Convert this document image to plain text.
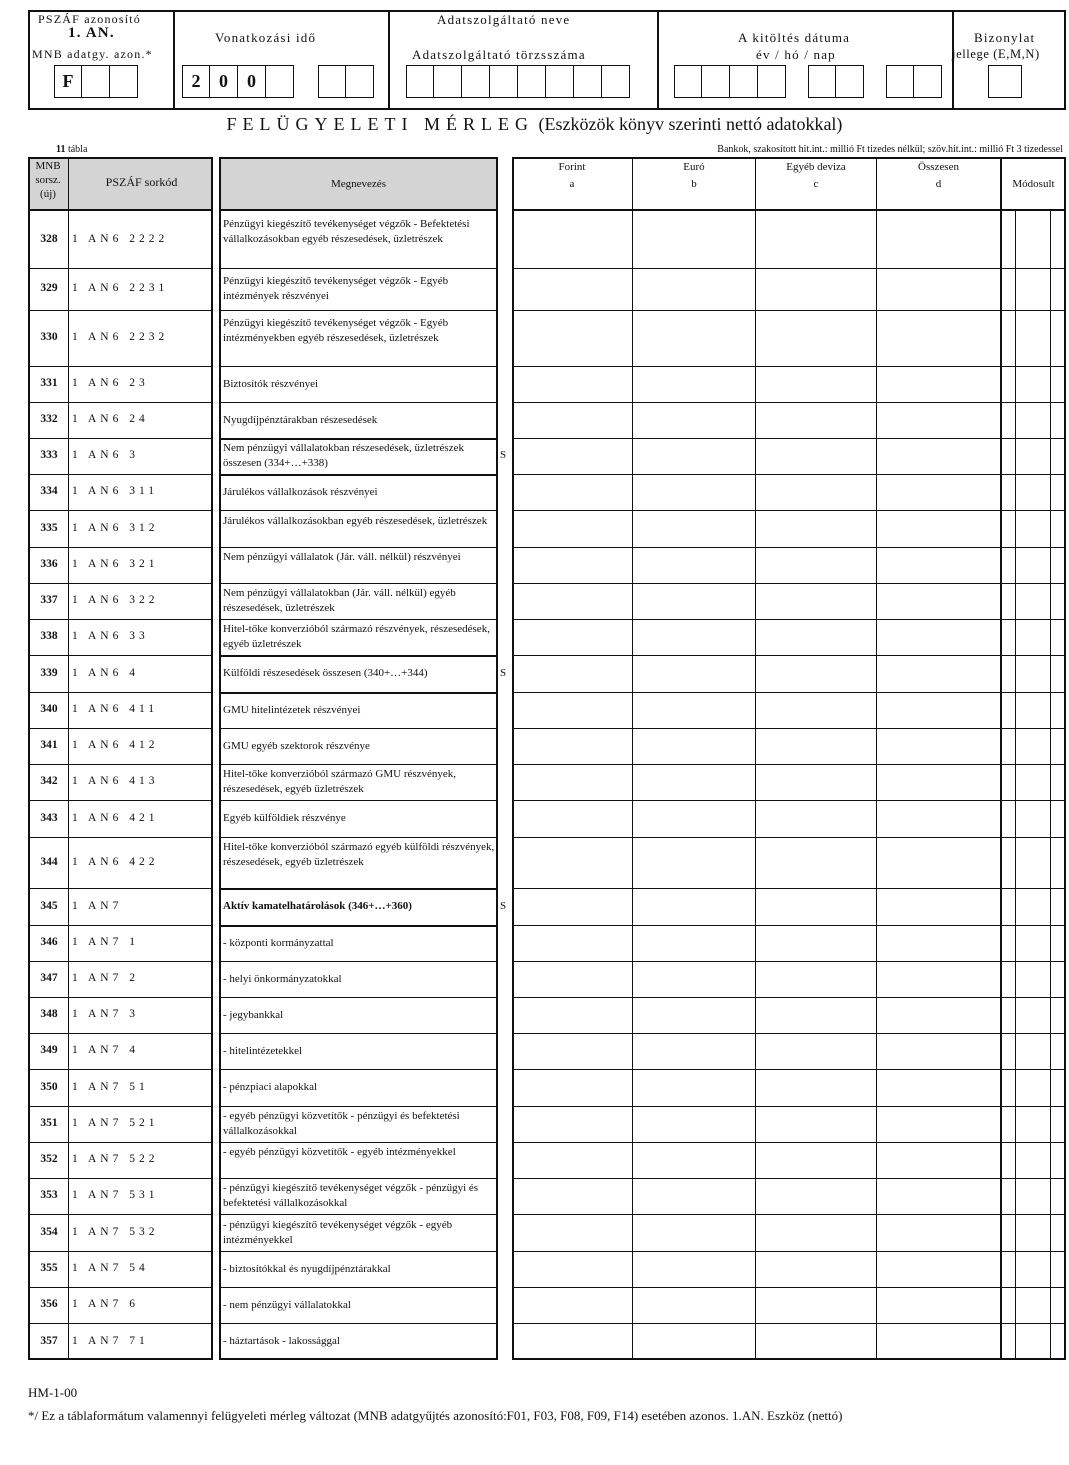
PSZÁF azonosító
1. AN.
MNB adatgy. azon.*
F
Vonatkozási idő
2	0	0
Adatszolgáltató neve
Adatszolgáltató törzsszáma
A kitöltés dátuma
év / hó / nap
Bizonylat
jellege (E,M,N)
FELÜGYELETI MÉRLEG (Eszközök könyv szerinti nettó adatokkal)
11 tábla	Bankok, szakosított hit.int.: millió Ft tizedes nélkül; szöv.hit.int.: millió Ft 3 tizedessel
MNB sorsz. (új)
PSZÁF sorkód	Megnevezés
Forint
a
Euró
b
Egyéb deviza
c
Összesen
d	Módosult
328	1 AN6 2222
Pénzügyi kiegészítő tevékenységet végzők - Befektetési vállalkozásokban egyéb részesedések, üzletrészek
329	1 AN6 2231
Pénzügyi kiegészítő tevékenységet végzők - Egyéb intézmények részvényei
330	1 AN6 2232
Pénzügyi kiegészítő tevékenységet végzők - Egyéb intézményekben egyéb részesedések, üzletrészek
331	1 AN6 23	Biztosítók részvényei
332	1 AN6 24	Nyugdíjpénztárakban részesedések
333	1 AN6 3
Nem pénzügyi vállalatokban részesedések, üzletrészek összesen (334+…+338)
S
334	1 AN6 311	Járulékos vállalkozások részvényei
335	1 AN6 312
Járulékos vállalkozásokban egyéb részesedések, üzletrészek
336	1 AN6 321
Nem pénzügyi vállalatok (Jár. váll. nélkül) részvényei
337	1 AN6 322
Nem pénzügyi vállalatokban (Jár. váll. nélkül) egyéb részesedések, üzletrészek
338	1 AN6 33
Hitel-tőke konverzióból származó részvények, részesedések, egyéb üzletrészek
339	1 AN6 4	Külföldi részesedések összesen (340+…+344)	S
340	1 AN6 411	GMU hitelintézetek részvényei
341	1 AN6 412	GMU egyéb szektorok részvénye
342	1 AN6 413
Hitel-tőke konverzióból származó GMU részvények, részesedések, egyéb üzletrészek
343	1 AN6 421	Egyéb külföldiek részvénye
344	1 AN6 422
Hitel-tőke konverzióból származó egyéb külföldi részvények, részesedések, egyéb üzletrészek
345	1 AN7	Aktív kamatelhatárolások (346+…+360)	S
346	1 AN7 1	- központi kormányzattal
347	1 AN7 2	- helyi önkormányzatokkal
348	1 AN7 3	- jegybankkal
349	1 AN7 4	- hitelintézetekkel
350	1 AN7 51	- pénzpiaci alapokkal
351	1 AN7 521
- egyéb pénzügyi közvetítők - pénzügyi és befektetési vállalkozásokkal
352	1 AN7 522
- egyéb pénzügyi közvetítők - egyéb intézményekkel
353	1 AN7 531
- pénzügyi kiegészítő tevékenységet végzők - pénzügyi és befektetési vállalkozásokkal
354	1 AN7 532
- pénzügyi kiegészítő tevékenységet végzők - egyéb intézményekkel
355	1 AN7 54	- biztosítókkal és nyugdíjpénztárakkal
356	1 AN7 6	- nem pénzügyi vállalatokkal
357	1 AN7 71	- háztartások - lakossággal
HM-1-00
*/ Ez a táblaformátum valamennyi felügyeleti mérleg változat (MNB adatgyűjtés azonosító:F01, F03, F08, F09, F14) esetében azonos. 1.AN. Eszköz (nettó)
